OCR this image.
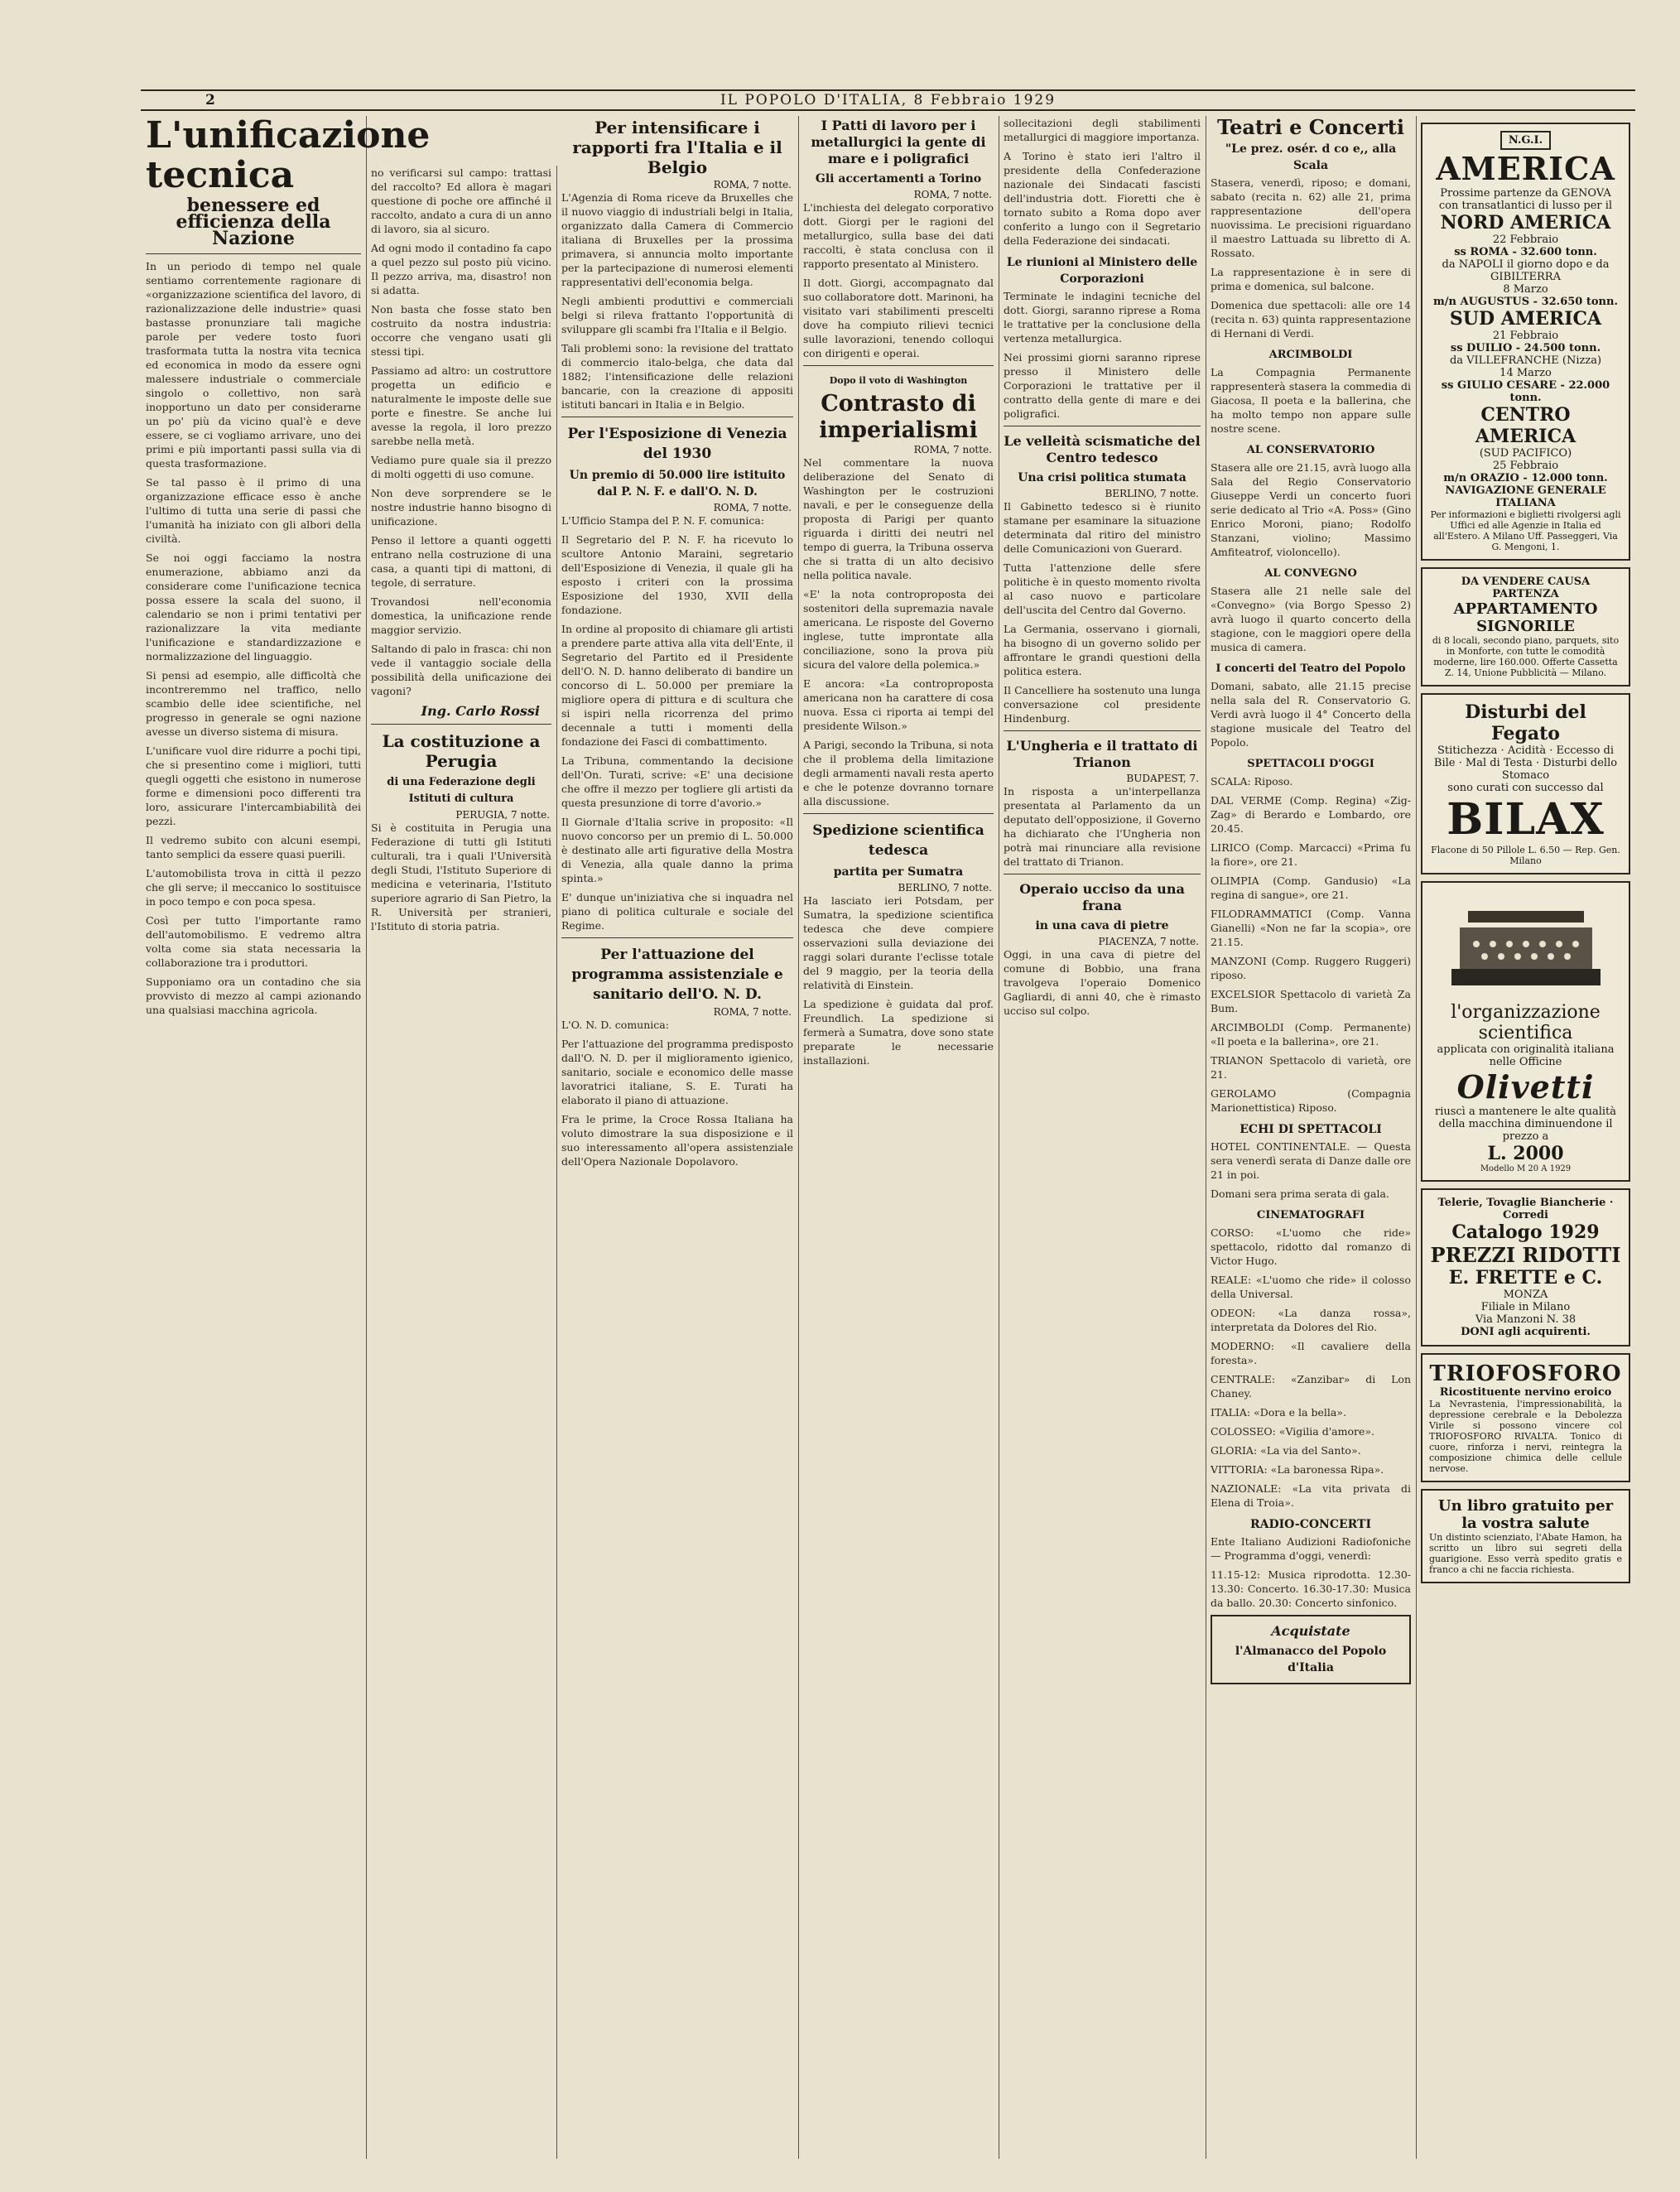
2	IL POPOLO D'ITALIA, 8 Febbraio 1929
L'unificazione tecnica
benessere ed efficienza della Nazione

In un periodo di tempo nel quale sentiamo correntemente ragionare di «organizzazione scientifica del lavoro, di razionalizzazione delle industrie» quasi bastasse pronunziare tali magiche parole per vedere tosto fuori trasformata tutta la nostra vita tecnica ed economica in modo da essere ogni malessere industriale o commerciale singolo o collettivo, non sarà inopportuno un dato per considerarne un po' più da vicino qual'è e deve essere, se ci vogliamo arrivare, uno dei primi e più importanti passi sulla via di questa trasformazione.

Se tal passo è il primo di una organizzazione efficace esso è anche l'ultimo di tutta una serie di passi che l'umanità ha iniziato con gli albori della civiltà.

Se noi oggi facciamo la nostra enumerazione, abbiamo anzi da considerare come l'unificazione tecnica possa essere la scala del suono, il calendario se non i primi tentativi per razionalizzare la vita mediante l'unificazione e standardizzazione e normalizzazione del linguaggio.

Si pensi ad esempio, alle difficoltà che incontreremmo nel traffico, nello scambio delle idee scientifiche, nel progresso in generale se ogni nazione avesse un diverso sistema di misura.

L'unificare vuol dire ridurre a pochi tipi, che si presentino come i migliori, tutti quegli oggetti che esistono in numerose forme e dimensioni poco differenti tra loro, assicurare l'intercambiabilità dei pezzi.

Il vedremo subito con alcuni esempi, tanto semplici da essere quasi puerili.

L'automobilista trova in città il pezzo che gli serve; il meccanico lo sostituisce in poco tempo e con poca spesa.

Così per tutto l'importante ramo dell'automobilismo. E vedremo altra volta come sia stata necessaria la collaborazione tra i produttori.

Supponiamo ora un contadino che sia provvisto di mezzo al campi azionando una qualsiasi macchina agricola.

no verificarsi sul campo: trattasi del raccolto? Ed allora è magari questione di poche ore affinché il raccolto, andato a cura di un anno di lavoro, sia al sicuro.

Ad ogni modo il contadino fa capo a quel pezzo sul posto più vicino. Il pezzo arriva, ma, disastro! non si adatta.

Non basta che fosse stato ben costruito da nostra industria: occorre che vengano usati gli stessi tipi.

Passiamo ad altro: un costruttore progetta un edificio e naturalmente le imposte delle sue porte e finestre. Se anche lui avesse la regola, il loro prezzo sarebbe nella metà.

Vediamo pure quale sia il prezzo di molti oggetti di uso comune.

Non deve sorprendere se le nostre industrie hanno bisogno di unificazione.

Penso il lettore a quanti oggetti entrano nella costruzione di una casa, a quanti tipi di mattoni, di tegole, di serrature.

Trovandosi nell'economia domestica, la unificazione rende maggior servizio.

Saltando di palo in frasca: chi non vede il vantaggio sociale della possibilità della unificazione dei vagoni?

Ing. Carlo Rossi
La costituzione a Perugia
di una Federazione degli Istituti di cultura
PERUGIA, 7 notte.

Si è costituita in Perugia una Federazione di tutti gli Istituti culturali, tra i quali l'Università degli Studi, l'Istituto Superiore di medicina e veterinaria, l'Istituto superiore agrario di San Pietro, la R. Università per stranieri, l'Istituto di storia patria.

Per intensificare i rapporti fra l'Italia e il Belgio
ROMA, 7 notte.

L'Agenzia di Roma riceve da Bruxelles che il nuovo viaggio di industriali belgi in Italia, organizzato dalla Camera di Commercio italiana di Bruxelles per la prossima primavera, si annuncia molto importante per la partecipazione di numerosi elementi rappresentativi dell'economia belga.

Negli ambienti produttivi e commerciali belgi si rileva frattanto l'opportunità di sviluppare gli scambi fra l'Italia e il Belgio.

Tali problemi sono: la revisione del trattato di commercio italo-belga, che data dal 1882; l'intensificazione delle relazioni bancarie, con la creazione di appositi istituti bancari in Italia e in Belgio.

Per l'Esposizione di Venezia del 1930
Un premio di 50.000 lire istituito dal P. N. F. e dall'O. N. D.
ROMA, 7 notte.

L'Ufficio Stampa del P. N. F. comunica:

Il Segretario del P. N. F. ha ricevuto lo scultore Antonio Maraini, segretario dell'Esposizione di Venezia, il quale gli ha esposto i criteri con la prossima Esposizione del 1930, XVII della fondazione.

In ordine al proposito di chiamare gli artisti a prendere parte attiva alla vita dell'Ente, il Segretario del Partito ed il Presidente dell'O. N. D. hanno deliberato di bandire un concorso di L. 50.000 per premiare la migliore opera di pittura e di scultura che si ispiri nella ricorrenza del primo decennale a tutti i momenti della fondazione dei Fasci di combattimento.

La Tribuna, commentando la decisione dell'On. Turati, scrive: «E' una decisione che offre il mezzo per togliere gli artisti da questa presunzione di torre d'avorio.»

Il Giornale d'Italia scrive in proposito: «Il nuovo concorso per un premio di L. 50.000 è destinato alle arti figurative della Mostra di Venezia, alla quale danno la prima spinta.»

E' dunque un'iniziativa che si inquadra nel piano di politica culturale e sociale del Regime.

Per l'attuazione del programma assistenziale e sanitario dell'O. N. D.
ROMA, 7 notte.

L'O. N. D. comunica:

Per l'attuazione del programma predisposto dall'O. N. D. per il miglioramento igienico, sanitario, sociale e economico delle masse lavoratrici italiane, S. E. Turati ha elaborato il piano di attuazione.

Fra le prime, la Croce Rossa Italiana ha voluto dimostrare la sua disposizione e il suo interessamento all'opera assistenziale dell'Opera Nazionale Dopolavoro.

I Patti di lavoro per i metallurgici la gente di mare e i poligrafici
Gli accertamenti a Torino
ROMA, 7 notte.

L'inchiesta del delegato corporativo dott. Giorgi per le ragioni del metallurgico, sulla base dei dati raccolti, è stata conclusa con il rapporto presentato al Ministero.

Il dott. Giorgi, accompagnato dal suo collaboratore dott. Marinoni, ha visitato vari stabilimenti prescelti dove ha compiuto rilievi tecnici sulle lavorazioni, tenendo colloqui con dirigenti e operai.

Dopo il voto di Washington
Contrasto di imperialismi
ROMA, 7 notte.

Nel commentare la nuova deliberazione del Senato di Washington per le costruzioni navali, e per le conseguenze della proposta di Parigi per quanto riguarda i diritti dei neutri nel tempo di guerra, la Tribuna osserva che si tratta di un alto decisivo nella politica navale.

«E' la nota controproposta dei sostenitori della supremazia navale americana. Le risposte del Governo inglese, tutte improntate alla conciliazione, sono la prova più sicura del valore della polemica.»

E ancora: «La controproposta americana non ha carattere di cosa nuova. Essa ci riporta ai tempi del presidente Wilson.»

A Parigi, secondo la Tribuna, si nota che il problema della limitazione degli armamenti navali resta aperto e che le potenze dovranno tornare alla discussione.

Spedizione scientifica tedesca
partita per Sumatra
BERLINO, 7 notte.

Ha lasciato ieri Potsdam, per Sumatra, la spedizione scientifica tedesca che deve compiere osservazioni sulla deviazione dei raggi solari durante l'eclisse totale del 9 maggio, per la teoria della relatività di Einstein.

La spedizione è guidata dal prof. Freundlich. La spedizione si fermerà a Sumatra, dove sono state preparate le necessarie installazioni.

sollecitazioni degli stabilimenti metallurgici di maggiore importanza.

A Torino è stato ieri l'altro il presidente della Confederazione nazionale dei Sindacati fascisti dell'industria dott. Fioretti che è tornato subito a Roma dopo aver conferito a lungo con il Segretario della Federazione dei sindacati.

Le riunioni al Ministero delle Corporazioni

Terminate le indagini tecniche del dott. Giorgi, saranno riprese a Roma le trattative per la conclusione della vertenza metallurgica.

Nei prossimi giorni saranno riprese presso il Ministero delle Corporazioni le trattative per il contratto della gente di mare e dei poligrafici.

Le velleità scismatiche del Centro tedesco
Una crisi politica stumata
BERLINO, 7 notte.

Il Gabinetto tedesco si è riunito stamane per esaminare la situazione determinata dal ritiro del ministro delle Comunicazioni von Guerard.

Tutta l'attenzione delle sfere politiche è in questo momento rivolta al caso nuovo e particolare dell'uscita del Centro dal Governo.

La Germania, osservano i giornali, ha bisogno di un governo solido per affrontare le grandi questioni della politica estera.

Il Cancelliere ha sostenuto una lunga conversazione col presidente Hindenburg.

L'Ungheria e il trattato di Trianon
BUDAPEST, 7.

In risposta a un'interpellanza presentata al Parlamento da un deputato dell'opposizione, il Governo ha dichiarato che l'Ungheria non potrà mai rinunciare alla revisione del trattato di Trianon.

Operaio ucciso da una frana
in una cava di pietre
PIACENZA, 7 notte.

Oggi, in una cava di pietre del comune di Bobbio, una frana travolgeva l'operaio Domenico Gagliardi, di anni 40, che è rimasto ucciso sul colpo.

Teatri e Concerti
"Le prez. osér. d co e,, alla Scala

Stasera, venerdì, riposo; e domani, sabato (recita n. 62) alle 21, prima rappresentazione dell'opera nuovissima. Le precisioni riguardano il maestro Lattuada su libretto di A. Rossato.

La rappresentazione è in sere di prima e domenica, sul balcone.

Domenica due spettacoli: alle ore 14 (recita n. 63) quinta rappresentazione di Hernani di Verdi.

ARCIMBOLDI

La Compagnia Permanente rappresenterà stasera la commedia di Giacosa, Il poeta e la ballerina, che ha molto tempo non appare sulle nostre scene.

AL CONSERVATORIO

Stasera alle ore 21.15, avrà luogo alla Sala del Regio Conservatorio Giuseppe Verdi un concerto fuori serie dedicato al Trio «A. Poss» (Gino Enrico Moroni, piano; Rodolfo Stanzani, violino; Massimo Amfiteatrof, violoncello).

AL CONVEGNO

Stasera alle 21 nelle sale del «Convegno» (via Borgo Spesso 2) avrà luogo il quarto concerto della stagione, con le maggiori opere della musica di camera.

I concerti del Teatro del Popolo

Domani, sabato, alle 21.15 precise nella sala del R. Conservatorio G. Verdi avrà luogo il 4° Concerto della stagione musicale del Teatro del Popolo.

SPETTACOLI D'OGGI

SCALA: Riposo.

DAL VERME (Comp. Regina) «Zig-Zag» di Berardo e Lombardo, ore 20.45.

LIRICO (Comp. Marcacci) «Prima fu la fiore», ore 21.

OLIMPIA (Comp. Gandusio) «La regina di sangue», ore 21.

FILODRAMMATICI (Comp. Vanna Gianelli) «Non ne far la scopia», ore 21.15.

MANZONI (Comp. Ruggero Ruggeri) riposo.

EXCELSIOR Spettacolo di varietà Za Bum.

ARCIMBOLDI (Comp. Permanente) «Il poeta e la ballerina», ore 21.

TRIANON Spettacolo di varietà, ore 21.

GEROLAMO (Compagnia Marionettistica) Riposo.

ECHI DI SPETTACOLI

HOTEL CONTINENTALE. — Questa sera venerdì serata di Danze dalle ore 21 in poi.

Domani sera prima serata di gala.

CINEMATOGRAFI

CORSO: «L'uomo che ride» spettacolo, ridotto dal romanzo di Victor Hugo.

REALE: «L'uomo che ride» il colosso della Universal.

ODEON: «La danza rossa», interpretata da Dolores del Rio.

MODERNO: «Il cavaliere della foresta».

CENTRALE: «Zanzibar» di Lon Chaney.

ITALIA: «Dora e la bella».

COLOSSEO: «Vigilia d'amore».

GLORIA: «La via del Santo».

VITTORIA: «La baronessa Ripa».

NAZIONALE: «La vita privata di Elena di Troia».

RADIO-CONCERTI

Ente Italiano Audizioni Radiofoniche — Programma d'oggi, venerdì:

11.15-12: Musica riprodotta. 12.30-13.30: Concerto. 16.30-17.30: Musica da ballo. 20.30: Concerto sinfonico.

Acquistate
l'Almanacco del Popolo d'Italia
N.G.I.
AMERICA
Prossime partenze da GENOVA con transatlantici di lusso per il
NORD AMERICA
22 Febbraio
ss ROMA - 32.600 tonn.
da NAPOLI il giorno dopo e da GIBILTERRA
8 Marzo
m/n AUGUSTUS - 32.650 tonn.
SUD AMERICA
21 Febbraio
ss DUILIO - 24.500 tonn.
da VILLEFRANCHE (Nizza)
14 Marzo
ss GIULIO CESARE - 22.000 tonn.
CENTRO AMERICA
(SUD PACIFICO)
25 Febbraio
m/n ORAZIO - 12.000 tonn.
NAVIGAZIONE GENERALE ITALIANA
Per informazioni e biglietti rivolgersi agli Uffici ed alle Agenzie in Italia ed all'Estero. A Milano Uff. Passeggeri, Via G. Mengoni, 1.
DA VENDERE CAUSA PARTENZA
APPARTAMENTO SIGNORILE
di 8 locali, secondo piano, parquets, sito in Monforte, con tutte le comodità moderne, lire 160.000. Offerte Cassetta Z. 14, Unione Pubblicità — Milano.
Disturbi del Fegato
Stitichezza · Acidità · Eccesso di Bile · Mal di Testa · Disturbi dello Stomaco
sono curati con successo dal
BILAX
Flacone di 50 Pillole L. 6.50 — Rep. Gen. Milano
l'organizzazione scientifica
applicata con originalità italiana nelle Officine
Olivetti
riuscì a mantenere le alte qualità della macchina diminuendone il prezzo a
L. 2000
Modello M 20 A 1929
Telerie, Tovaglie Biancherie · Corredi
Catalogo 1929
PREZZI RIDOTTI
E. FRETTE e C.
MONZA
Filiale in Milano
Via Manzoni N. 38
DONI agli acquirenti.
TRIOFOSFORO
Ricostituente nervino eroico
La Nevrastenia, l'impressionabilità, la depressione cerebrale e la Debolezza Virile si possono vincere col TRIOFOSFORO RIVALTA. Tonico di cuore, rinforza i nervi, reintegra la composizione chimica delle cellule nervose.
Un libro gratuito per la vostra salute
Un distinto scienziato, l'Abate Hamon, ha scritto un libro sui segreti della guarigione. Esso verrà spedito gratis e franco a chi ne faccia richiesta.
